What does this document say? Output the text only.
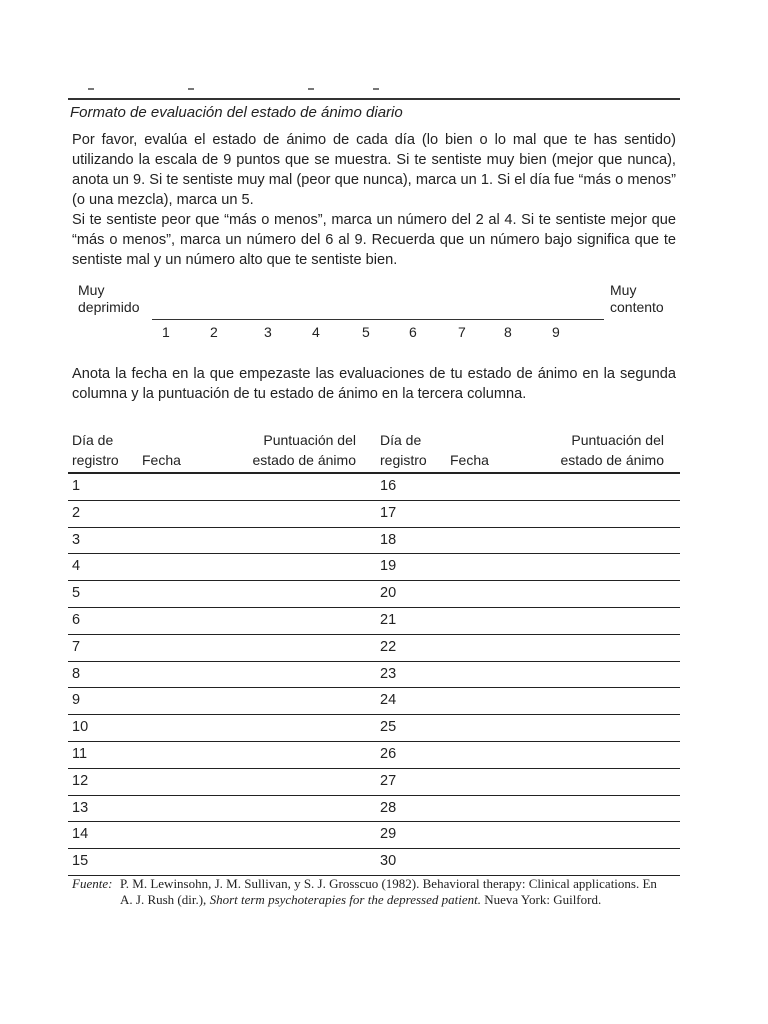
Formato de evaluación del estado de ánimo diario

Por favor, evalúa el estado de ánimo de cada día (lo bien o lo mal que te has sentido) utilizando la escala de 9 puntos que se muestra. Si te sentiste muy bien (mejor que nunca), anota un 9. Si te sentiste muy mal (peor que nunca), marca un 1. Si el día fue “más o menos” (o una mezcla), marca un 5.

Si te sentiste peor que “más o menos”, marca un número del 2 al 4. Si te sentiste mejor que “más o menos”, marca un número del 6 al 9. Recuerda que un número bajo significa que te sentiste mal y un número alto que te sentiste bien.

Muy
deprimido
Muy
contento
1	2	3	4	5	6	7	8	9
Anota la fecha en la que empezaste las evaluaciones de tu estado de ánimo en la segunda columna y la puntuación de tu estado de ánimo en la tercera columna.
Día de
registro Fecha
Puntuación del
estado de ánimo
Día de
registro Fecha
Puntuación del
estado de ánimo
1	16
2	17
3	18
4	19
5	20
6	21
7	22
8	23
9	24
10	25
11	26
12	27
13	28
14	29
15	30
Fuente: P. M. Lewinsohn, J. M. Sullivan, y S. J. Grosscuo (1982). Behavioral therapy: Clinical applications. En A. J. Rush (dir.), Short term psychoterapies for the depressed patient. Nueva York: Guilford.
